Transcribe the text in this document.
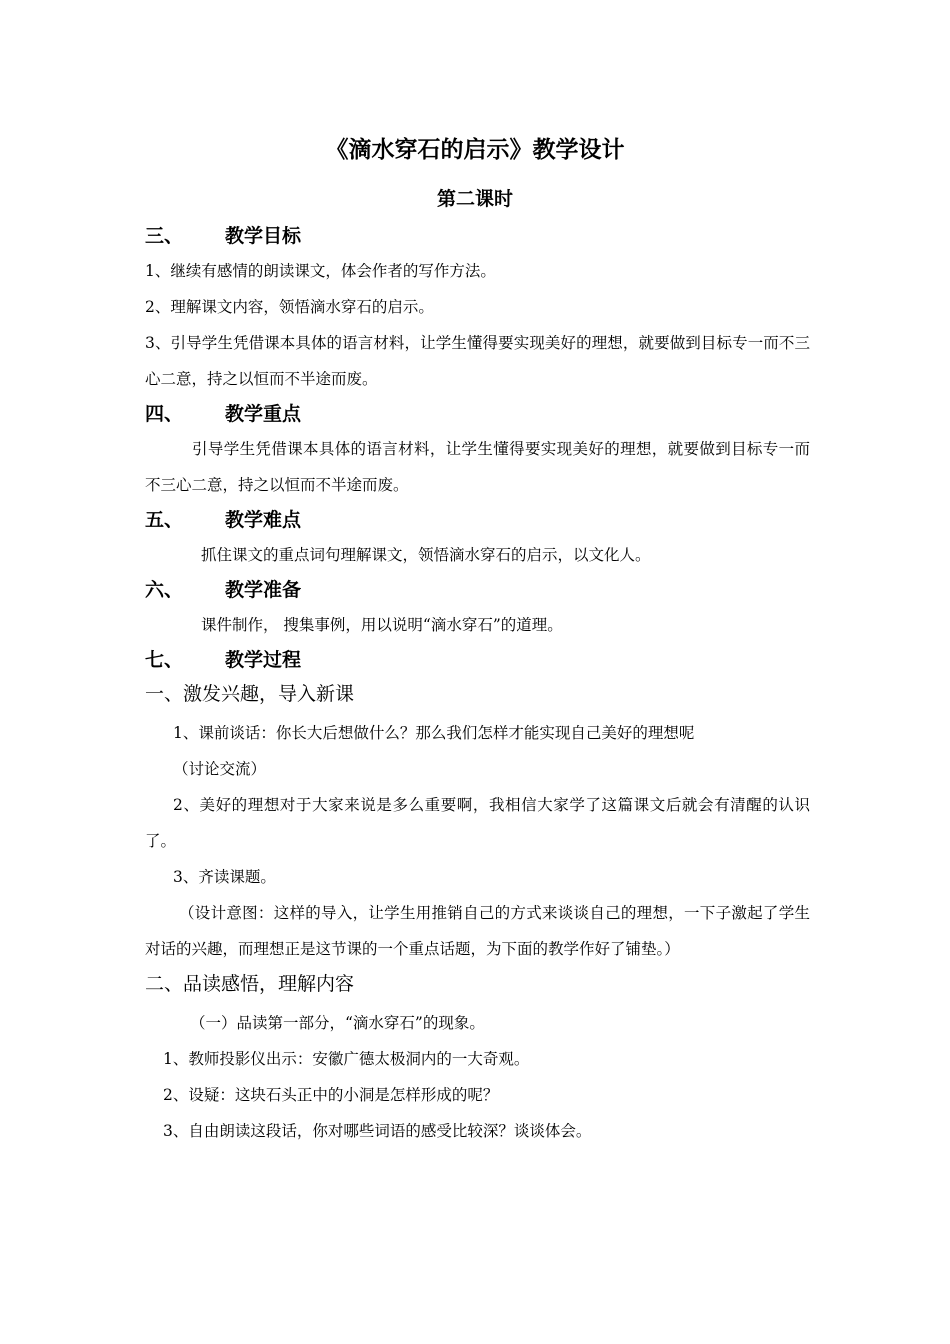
《滴水穿石的启示》教学设计
第二课时
三、 教学目标
1、继续有感情的朗读课文，体会作者的写作方法。
2、理解课文内容，领悟滴水穿石的启示。
3、引导学生凭借课本具体的语言材料，让学生懂得要实现美好的理想，就要做到目标专一而不三心二意，持之以恒而不半途而废。
四、 教学重点
引导学生凭借课本具体的语言材料，让学生懂得要实现美好的理想，就要做到目标专一而不三心二意，持之以恒而不半途而废。
五、 教学难点
抓住课文的重点词句理解课文，领悟滴水穿石的启示，以文化人。
六、 教学准备
课件制作， 搜集事例，用以说明“滴水穿石”的道理。
七、 教学过程
一、激发兴趣，导入新课
1、课前谈话：你长大后想做什么？那么我们怎样才能实现自己美好的理想呢
（讨论交流）
2、美好的理想对于大家来说是多么重要啊，我相信大家学了这篇课文后就会有清醒的认识了。
3、齐读课题。
（设计意图：这样的导入，让学生用推销自己的方式来谈谈自己的理想，一下子激起了学生对话的兴趣，而理想正是这节课的一个重点话题，为下面的教学作好了铺垫。）
二、品读感悟，理解内容
（一）品读第一部分，“滴水穿石”的现象。
1、教师投影仪出示：安徽广德太极洞内的一大奇观。
2、设疑：这块石头正中的小洞是怎样形成的呢？
3、自由朗读这段话，你对哪些词语的感受比较深？谈谈体会。
